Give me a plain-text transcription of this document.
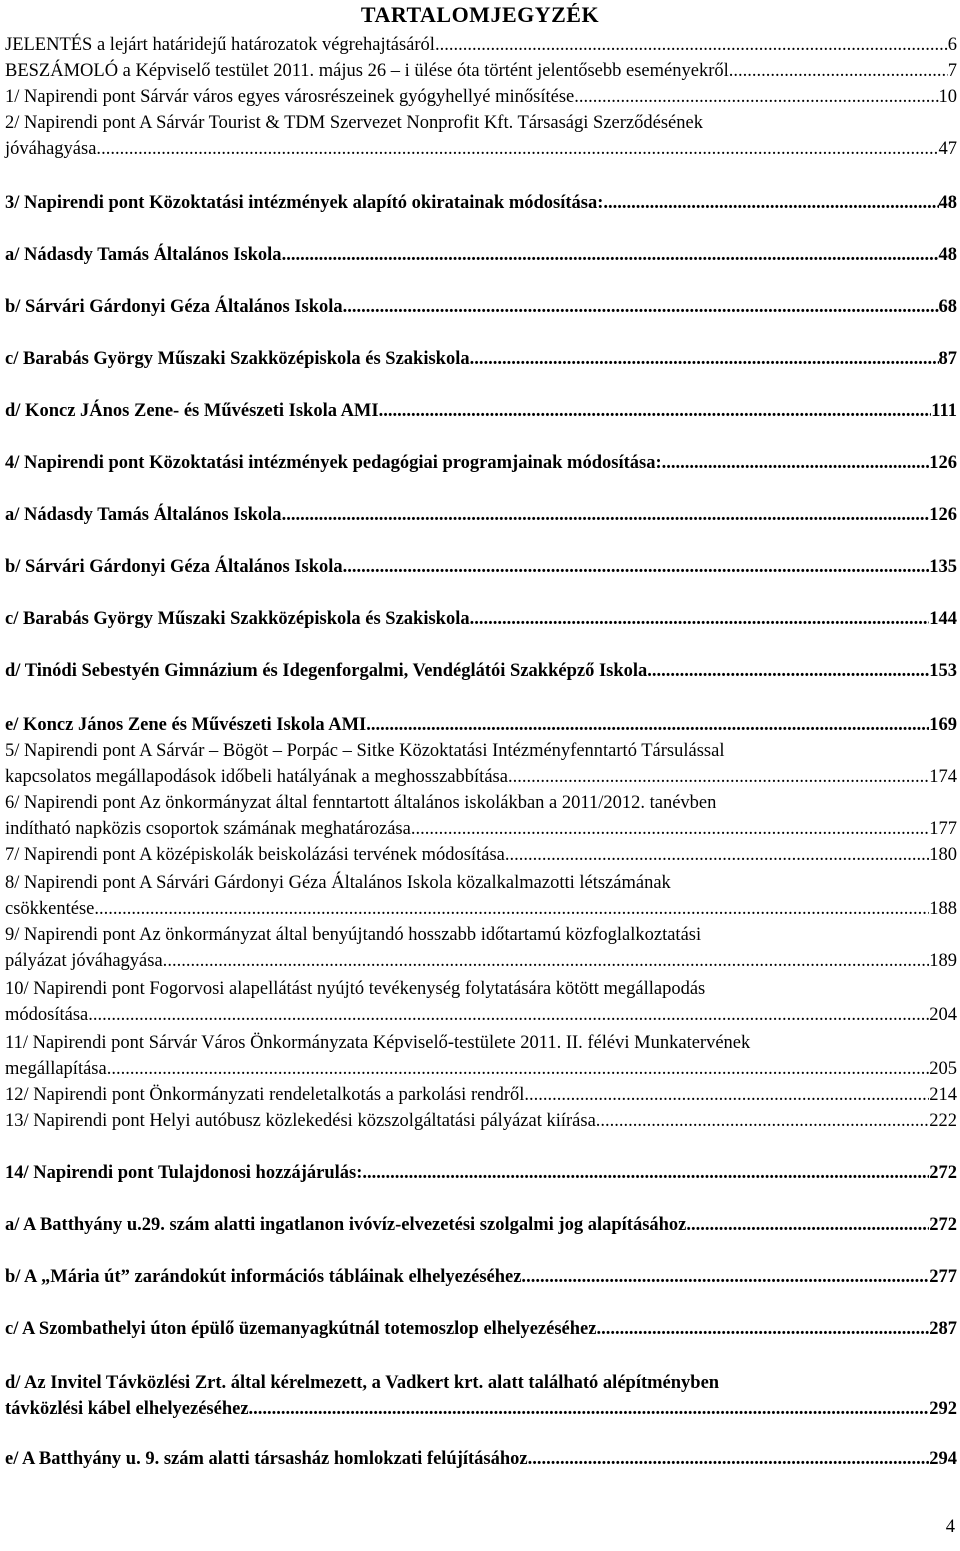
TARTALOMJEGYZÉK
JELENTÉS a lejárt határidejű határozatok végrehajtásáról .....	6
BESZÁMOLÓ a Képviselő testület 2011. május 26 – i ülése óta történt jelentősebb eseményekről .....	7
1/ Napirendi pont Sárvár város egyes városrészeinek gyógyhellyé minősítése. .....	10
2/ Napirendi pont A Sárvár Tourist & TDM Szervezet Nonprofit Kft. Társasági Szerződésének
jóváhagyása. .....	47
3/ Napirendi pont Közoktatási intézmények alapító okiratainak módosítása: .....	48
a/ Nádasdy Tamás Általános Iskola .....	48
b/ Sárvári Gárdonyi Géza Általános Iskola .....	68
c/ Barabás György Műszaki Szakközépiskola és Szakiskola .....	87
d/ Koncz JÁnos Zene- és Művészeti Iskola AMI .....	111
4/ Napirendi pont Közoktatási intézmények pedagógiai programjainak módosítása: .....	126
a/ Nádasdy Tamás Általános Iskola .....	126
b/ Sárvári Gárdonyi Géza Általános Iskola .....	135
c/ Barabás György Műszaki Szakközépiskola és Szakiskola .....	144
d/ Tinódi Sebestyén Gimnázium és Idegenforgalmi, Vendéglátói Szakképző Iskola .....	153
e/ Koncz János Zene és Művészeti Iskola AMI .....	169
5/ Napirendi pont A Sárvár – Bögöt – Porpác – Sitke Közoktatási Intézményfenntartó Társulással
kapcsolatos megállapodások időbeli hatályának a meghosszabbítása. .....	174
6/ Napirendi pont Az önkormányzat által fenntartott általános iskolákban a 2011/2012. tanévben
indítható napközis csoportok számának meghatározása. .....	177
7/ Napirendi pont A középiskolák beiskolázási tervének módosítása. .....	180
8/ Napirendi pont A Sárvári Gárdonyi Géza Általános Iskola közalkalmazotti létszámának
csökkentése .....	188
9/ Napirendi pont Az önkormányzat által benyújtandó hosszabb időtartamú közfoglalkoztatási
pályázat jóváhagyása. .....	189
10/ Napirendi pont Fogorvosi alapellátást nyújtó tevékenység folytatására kötött megállapodás
módosítása. .....	204
11/ Napirendi pont Sárvár Város Önkormányzata Képviselő-testülete 2011. II. félévi Munkatervének
megállapítása. .....	205
12/ Napirendi pont Önkormányzati rendeletalkotás a parkolási rendről. .....	214
13/ Napirendi pont Helyi autóbusz közlekedési közszolgáltatási pályázat kiírása .....	222
14/ Napirendi pont Tulajdonosi hozzájárulás: .....	272
a/ A Batthyány u.29. szám alatti ingatlanon ivóvíz-elvezetési szolgalmi jog alapításához. .....	272
b/ A „Mária út” zarándokút információs tábláinak elhelyezéséhez. .....	277
c/ A Szombathelyi úton épülő üzemanyagkútnál totemoszlop elhelyezéséhez. .....	287
d/ Az Invitel Távközlési Zrt. által kérelmezett, a Vadkert krt. alatt található alépítményben
távközlési kábel elhelyezéséhez. .....	292
e/ A Batthyány u. 9. szám alatti társasház homlokzati felújításához. .....	294
4
